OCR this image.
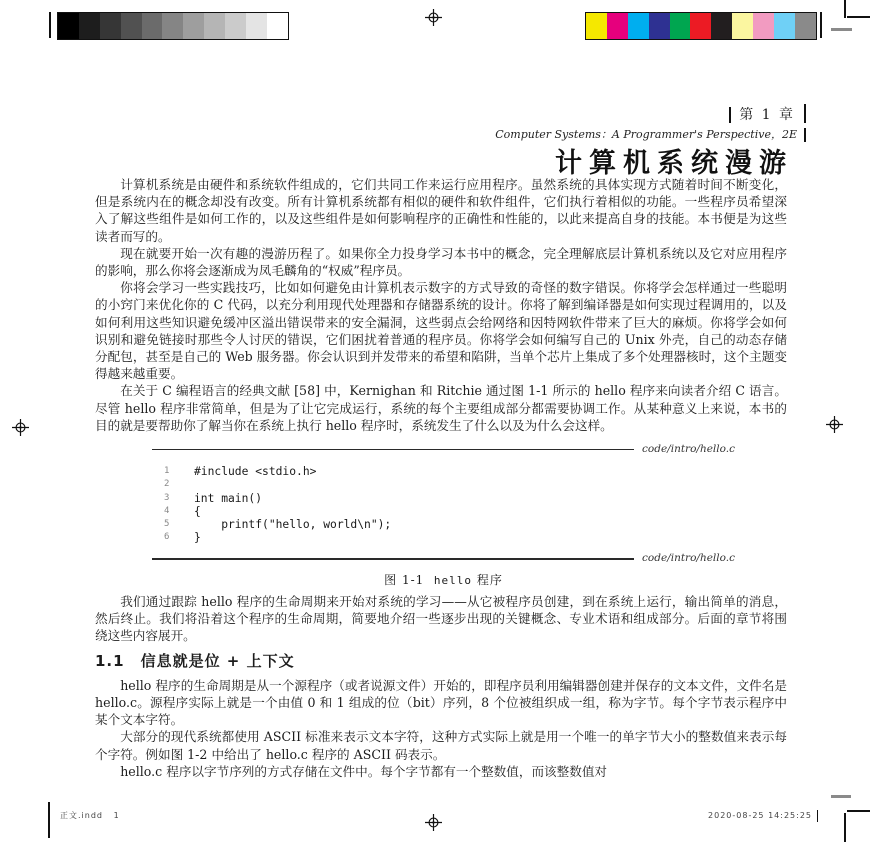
第 1 章
Computer Systems：A Programmer's Perspective，2E
计算机系统漫游

计算机系统是由硬件和系统软件组成的，它们共同工作来运行应用程序。虽然系统的具体实现方式随着时间不断变化，但是系统内在的概念却没有改变。所有计算机系统都有相似的硬件和软件组件，它们执行着相似的功能。一些程序员希望深入了解这些组件是如何工作的，以及这些组件是如何影响程序的正确性和性能的，以此来提高自身的技能。本书便是为这些读者而写的。

现在就要开始一次有趣的漫游历程了。如果你全力投身学习本书中的概念，完全理解底层计算机系统以及它对应用程序的影响，那么你将会逐渐成为凤毛麟角的“权威”程序员。

你将会学习一些实践技巧，比如如何避免由计算机表示数字的方式导致的奇怪的数字错误。你将学会怎样通过一些聪明的小窍门来优化你的 C 代码，以充分利用现代处理器和存储器系统的设计。你将了解到编译器是如何实现过程调用的，以及如何利用这些知识避免缓冲区溢出错误带来的安全漏洞，这些弱点会给网络和因特网软件带来了巨大的麻烦。你将学会如何识别和避免链接时那些令人讨厌的错误，它们困扰着普通的程序员。你将学会如何编写自己的 Unix 外壳，自己的动态存储分配包，甚至是自己的 Web 服务器。你会认识到并发带来的希望和陷阱，当单个芯片上集成了多个处理器核时，这个主题变得越来越重要。

在关于 C 编程语言的经典文献 [58] 中，Kernighan 和 Ritchie 通过图 1-1 所示的 hello 程序来向读者介绍 C 语言。尽管 hello 程序非常简单，但是为了让它完成运行，系统的每个主要组成部分都需要协调工作。从某种意义上来说，本书的目的就是要帮助你了解当你在系统上执行 hello 程序时，系统发生了什么以及为什么会这样。

code/intro/hello.c
1	#include <stdio.h>
2
3	int main()
4	{
5	printf("hello, world\n");
6	}
code/intro/hello.c
图 1-1 hello 程序

我们通过跟踪 hello 程序的生命周期来开始对系统的学习——从它被程序员创建，到在系统上运行，输出简单的消息，然后终止。我们将沿着这个程序的生命周期，简要地介绍一些逐步出现的关键概念、专业术语和组成部分。后面的章节将围绕这些内容展开。

1.1　信息就是位 + 上下文

hello 程序的生命周期是从一个源程序（或者说源文件）开始的，即程序员利用编辑器创建并保存的文本文件，文件名是 hello.c。源程序实际上就是一个由值 0 和 1 组成的位（bit）序列，8 个位被组织成一组，称为字节。每个字节表示程序中某个文本字符。

大部分的现代系统都使用 ASCII 标准来表示文本字符，这种方式实际上就是用一个唯一的单字节大小的整数值来表示每个字符。例如图 1-2 中给出了 hello.c 程序的 ASCII 码表示。

hello.c 程序以字节序列的方式存储在文件中。每个字节都有一个整数值，而该整数值对

正文.indd 1	2020-08-25 14:25:25
